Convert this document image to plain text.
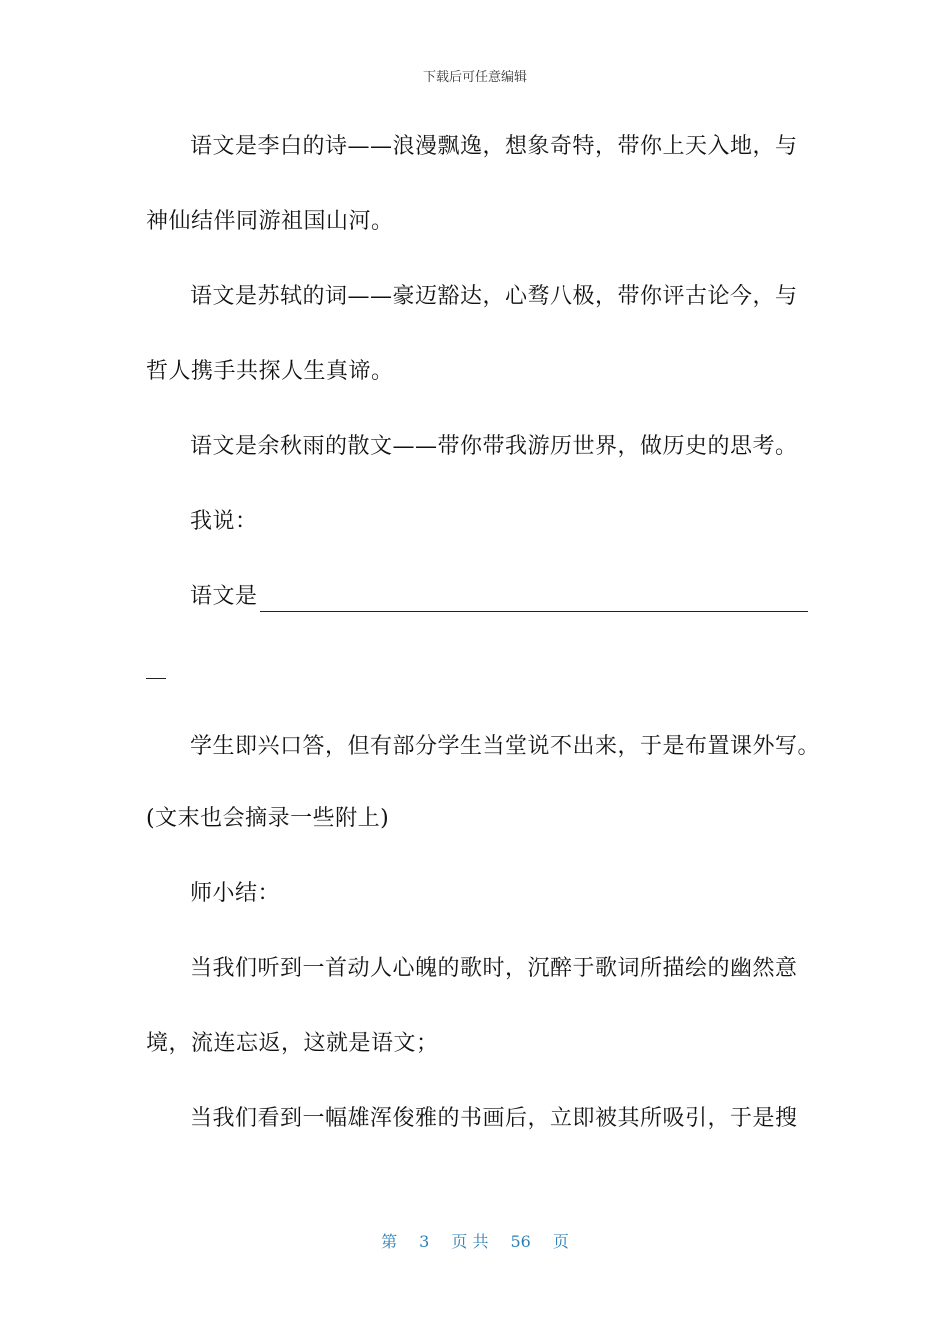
下载后可任意编辑
语文是李白的诗——浪漫飘逸，想象奇特，带你上天入地，与
神仙结伴同游祖国山河。
语文是苏轼的词——豪迈豁达，心骛八极，带你评古论今，与
哲人携手共探人生真谛。
语文是余秋雨的散文——带你带我游历世界，做历史的思考。
我说：
语文是
学生即兴口答，但有部分学生当堂说不出来，于是布置课外写。
(文末也会摘录一些附上)
师小结：
当我们听到一首动人心魄的歌时，沉醉于歌词所描绘的幽然意
境，流连忘返，这就是语文；
当我们看到一幅雄浑俊雅的书画后，立即被其所吸引，于是搜
第 3 页 共 56 页
